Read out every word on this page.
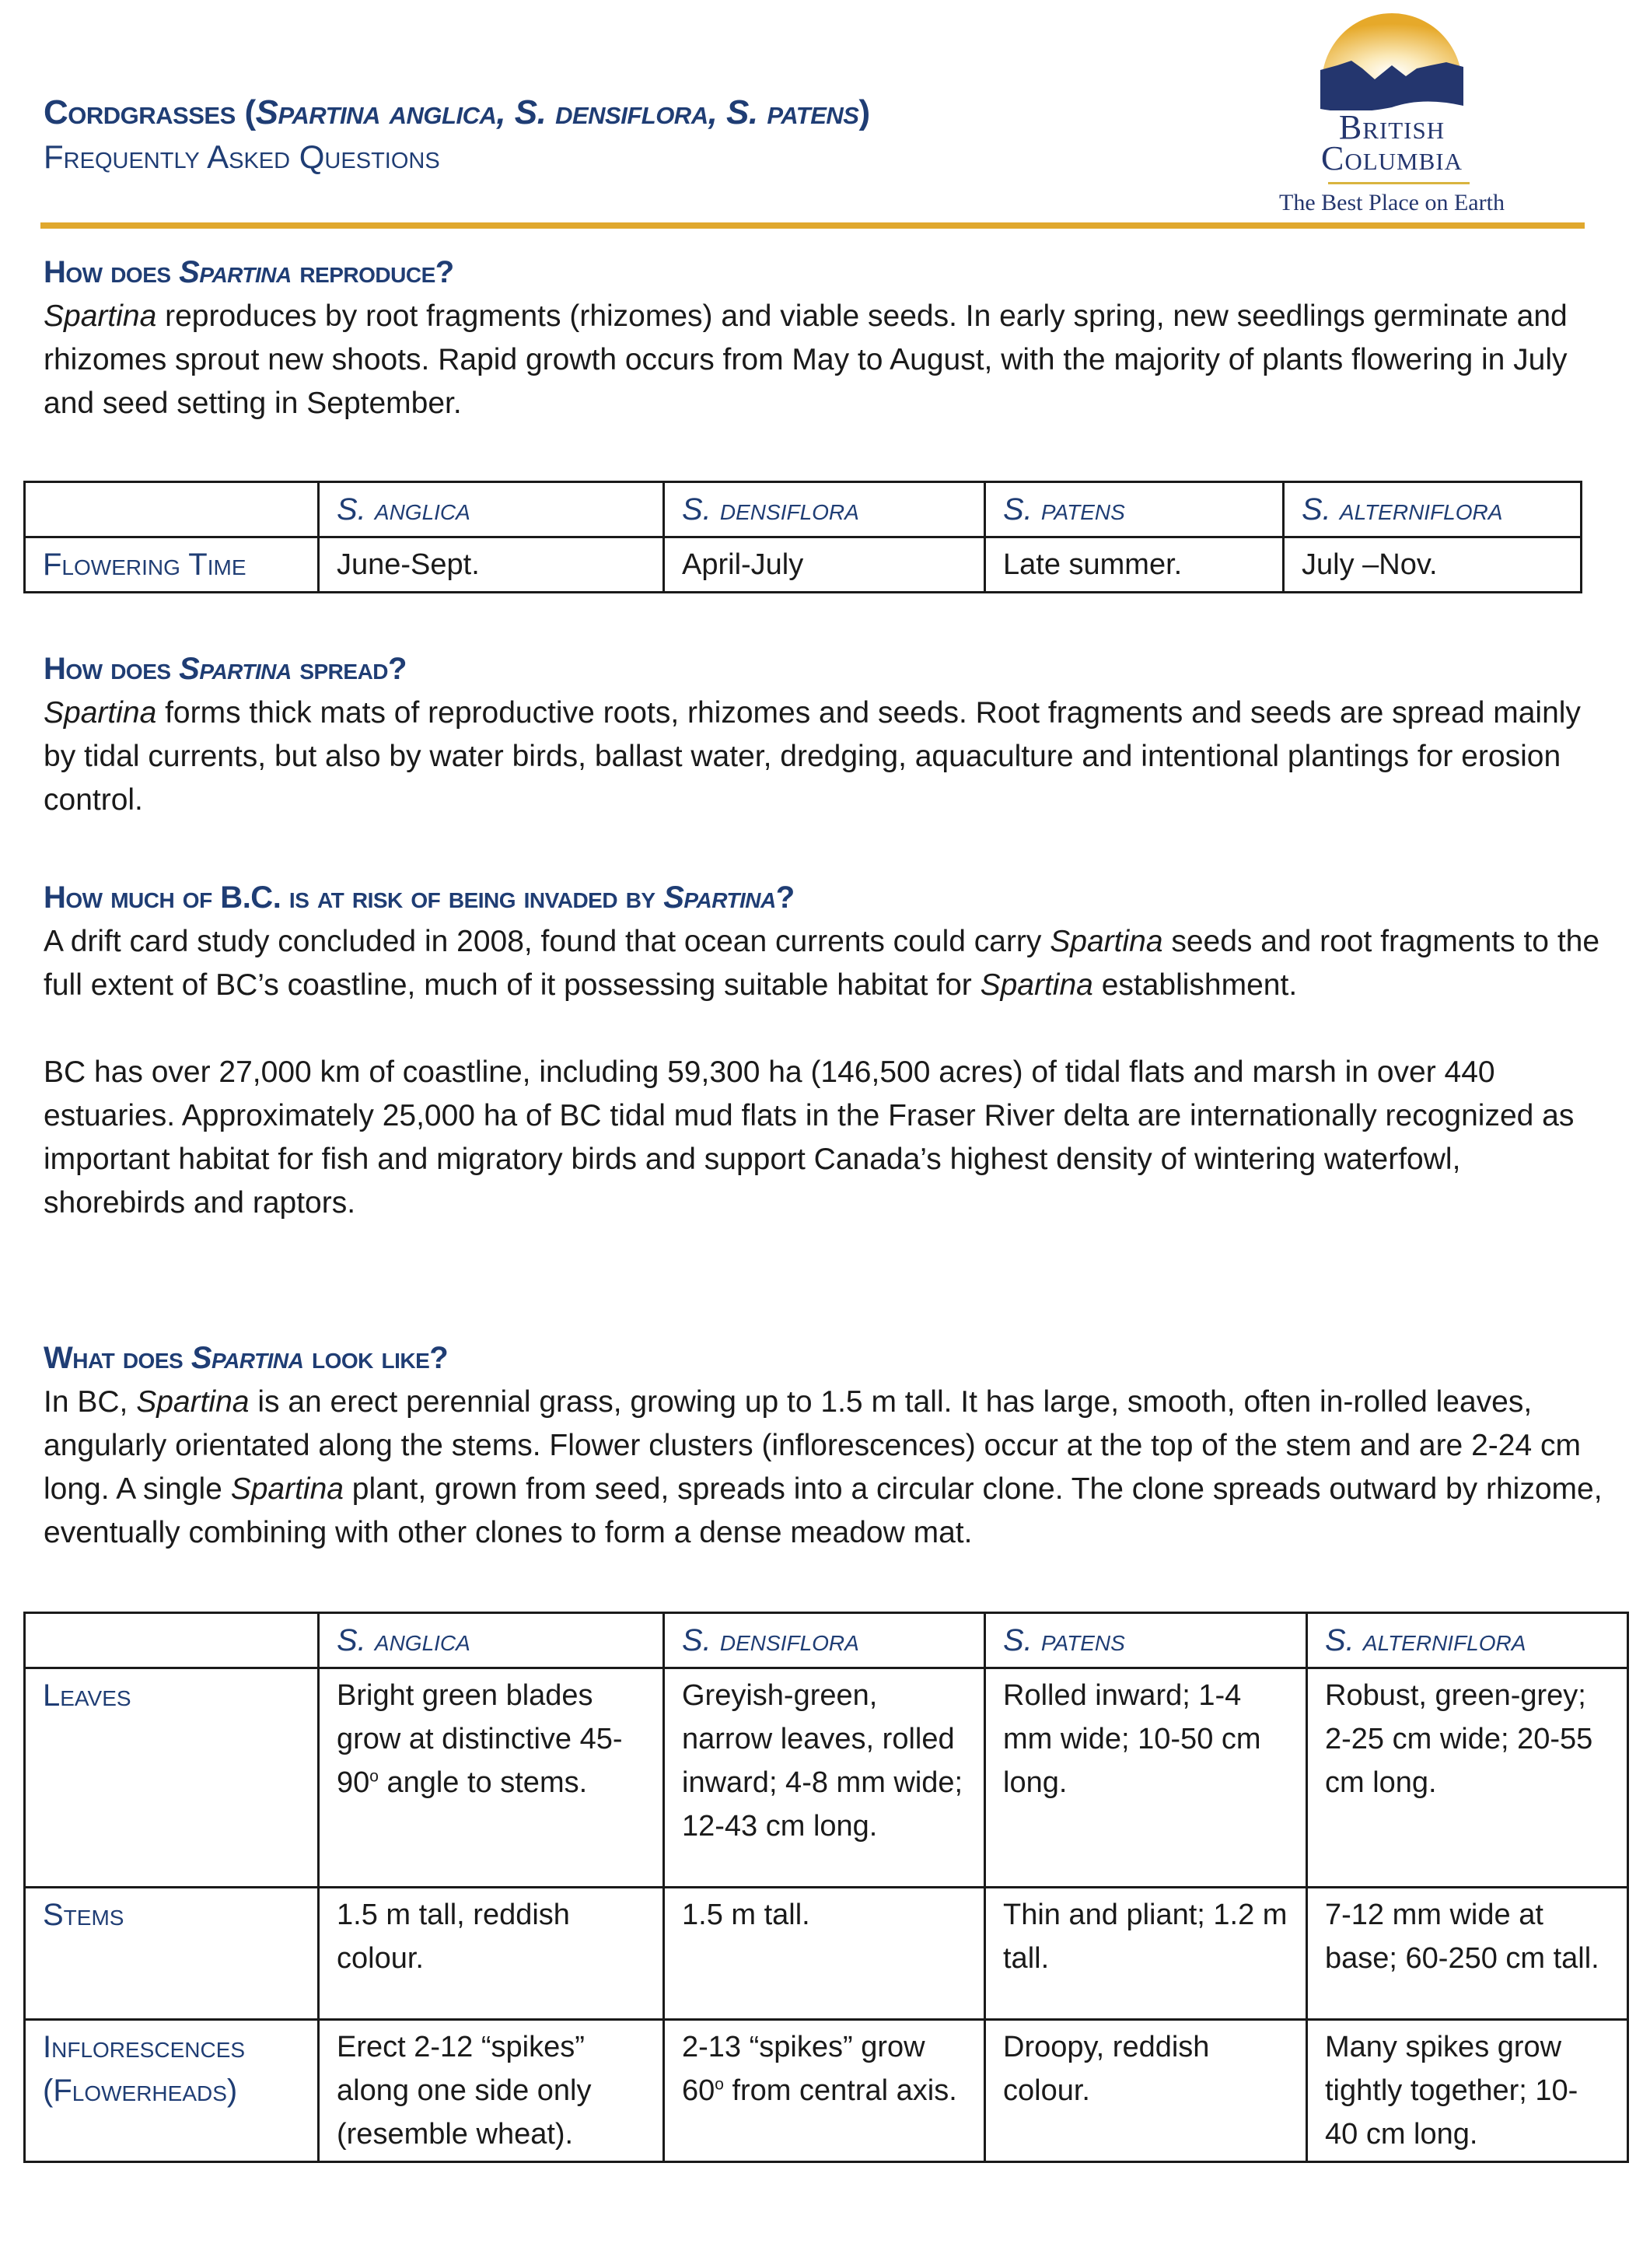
Cordgrasses (Spartina anglica, S. densiflora, S. patens)
Frequently Asked Questions
British
Columbia
The Best Place on Earth
How does Spartina reproduce?

Spartina reproduces by root fragments (rhizomes) and viable seeds. In early spring, new seedlings germinate and rhizomes sprout new shoots. Rapid growth occurs from May to August, with the majority of plants flowering in July and seed setting in September.

	S. anglica	S. densiflora	S. patens	S. alterniflora
Flowering Time	June-Sept.	April-July	Late summer.	July –Nov.
How does Spartina spread?

Spartina forms thick mats of reproductive roots, rhizomes and seeds. Root fragments and seeds are spread mainly by tidal currents, but also by water birds, ballast water, dredging, aquaculture and intentional plantings for erosion control.

How much of B.C. is at risk of being invaded by Spartina?

A drift card study concluded in 2008, found that ocean currents could carry Spartina seeds and root fragments to the full extent of BC’s coastline, much of it possessing suitable habitat for Spartina establishment.

BC has over 27,000 km of coastline, including 59,300 ha (146,500 acres) of tidal flats and marsh in over 440 estuaries. Approximately 25,000 ha of BC tidal mud flats in the Fraser River delta are internationally recognized as important habitat for fish and migratory birds and support Canada’s highest density of wintering waterfowl, shorebirds and raptors.

What does Spartina look like?

In BC, Spartina is an erect perennial grass, growing up to 1.5 m tall. It has large, smooth, often in-rolled leaves, angularly orientated along the stems. Flower clusters (inflorescences) occur at the top of the stem and are 2-24 cm long. A single Spartina plant, grown from seed, spreads into a circular clone. The clone spreads outward by rhizome, eventually combining with other clones to form a dense meadow mat.

	S. anglica	S. densiflora	S. patens	S. alterniflora
Leaves	Bright green blades grow at distinctive 45-90$^o$ angle to stems.	Greyish-green, narrow leaves, rolled inward; 4-8 mm wide; 12-43 cm long.	Rolled inward; 1-4 mm wide; 10-50 cm long.	Robust, green-grey; 2-25 cm wide; 20-55 cm long.
Stems	1.5 m tall, reddish colour.	1.5 m tall.	Thin and pliant; 1.2 m tall.	7-12 mm wide at base; 60-250 cm tall.
Inflorescences
(Flowerheads)	Erect 2-12 “spikes” along one side only (resemble wheat).	2-13 “spikes” grow 60$^o$ from central axis.	Droopy, reddish colour.	Many spikes grow tightly together; 10-40 cm long.
